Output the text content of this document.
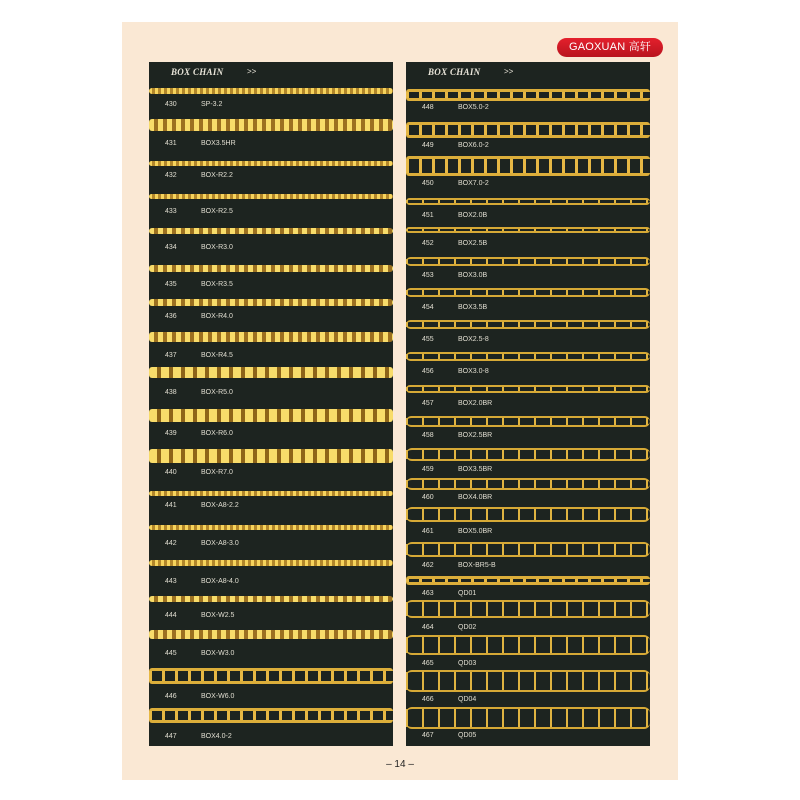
GAOXUAN 高轩
BOX CHAIN	>>
430	SP-3.2
431	BOX3.5HR
432	BOX-R2.2
433	BOX-R2.5
434	BOX-R3.0
435	BOX-R3.5
436	BOX-R4.0
437	BOX-R4.5
438	BOX-R5.0
439	BOX-R6.0
440	BOX-R7.0
441	BOX-A8-2.2
442	BOX-A8-3.0
443	BOX-A8-4.0
444	BOX-W2.5
445	BOX-W3.0
446	BOX-W6.0
447	BOX4.0-2
BOX CHAIN	>>
448	BOX5.0-2
449	BOX6.0-2
450	BOX7.0-2
451	BOX2.0B
452	BOX2.5B
453	BOX3.0B
454	BOX3.5B
455	BOX2.5-8
456	BOX3.0-8
457	BOX2.0BR
458	BOX2.5BR
459	BOX3.5BR
460	BOX4.0BR
461	BOX5.0BR
462	BOX-BR5-B
463	QD01
464	QD02
465	QD03
466	QD04
467	QD05
– 14 –
